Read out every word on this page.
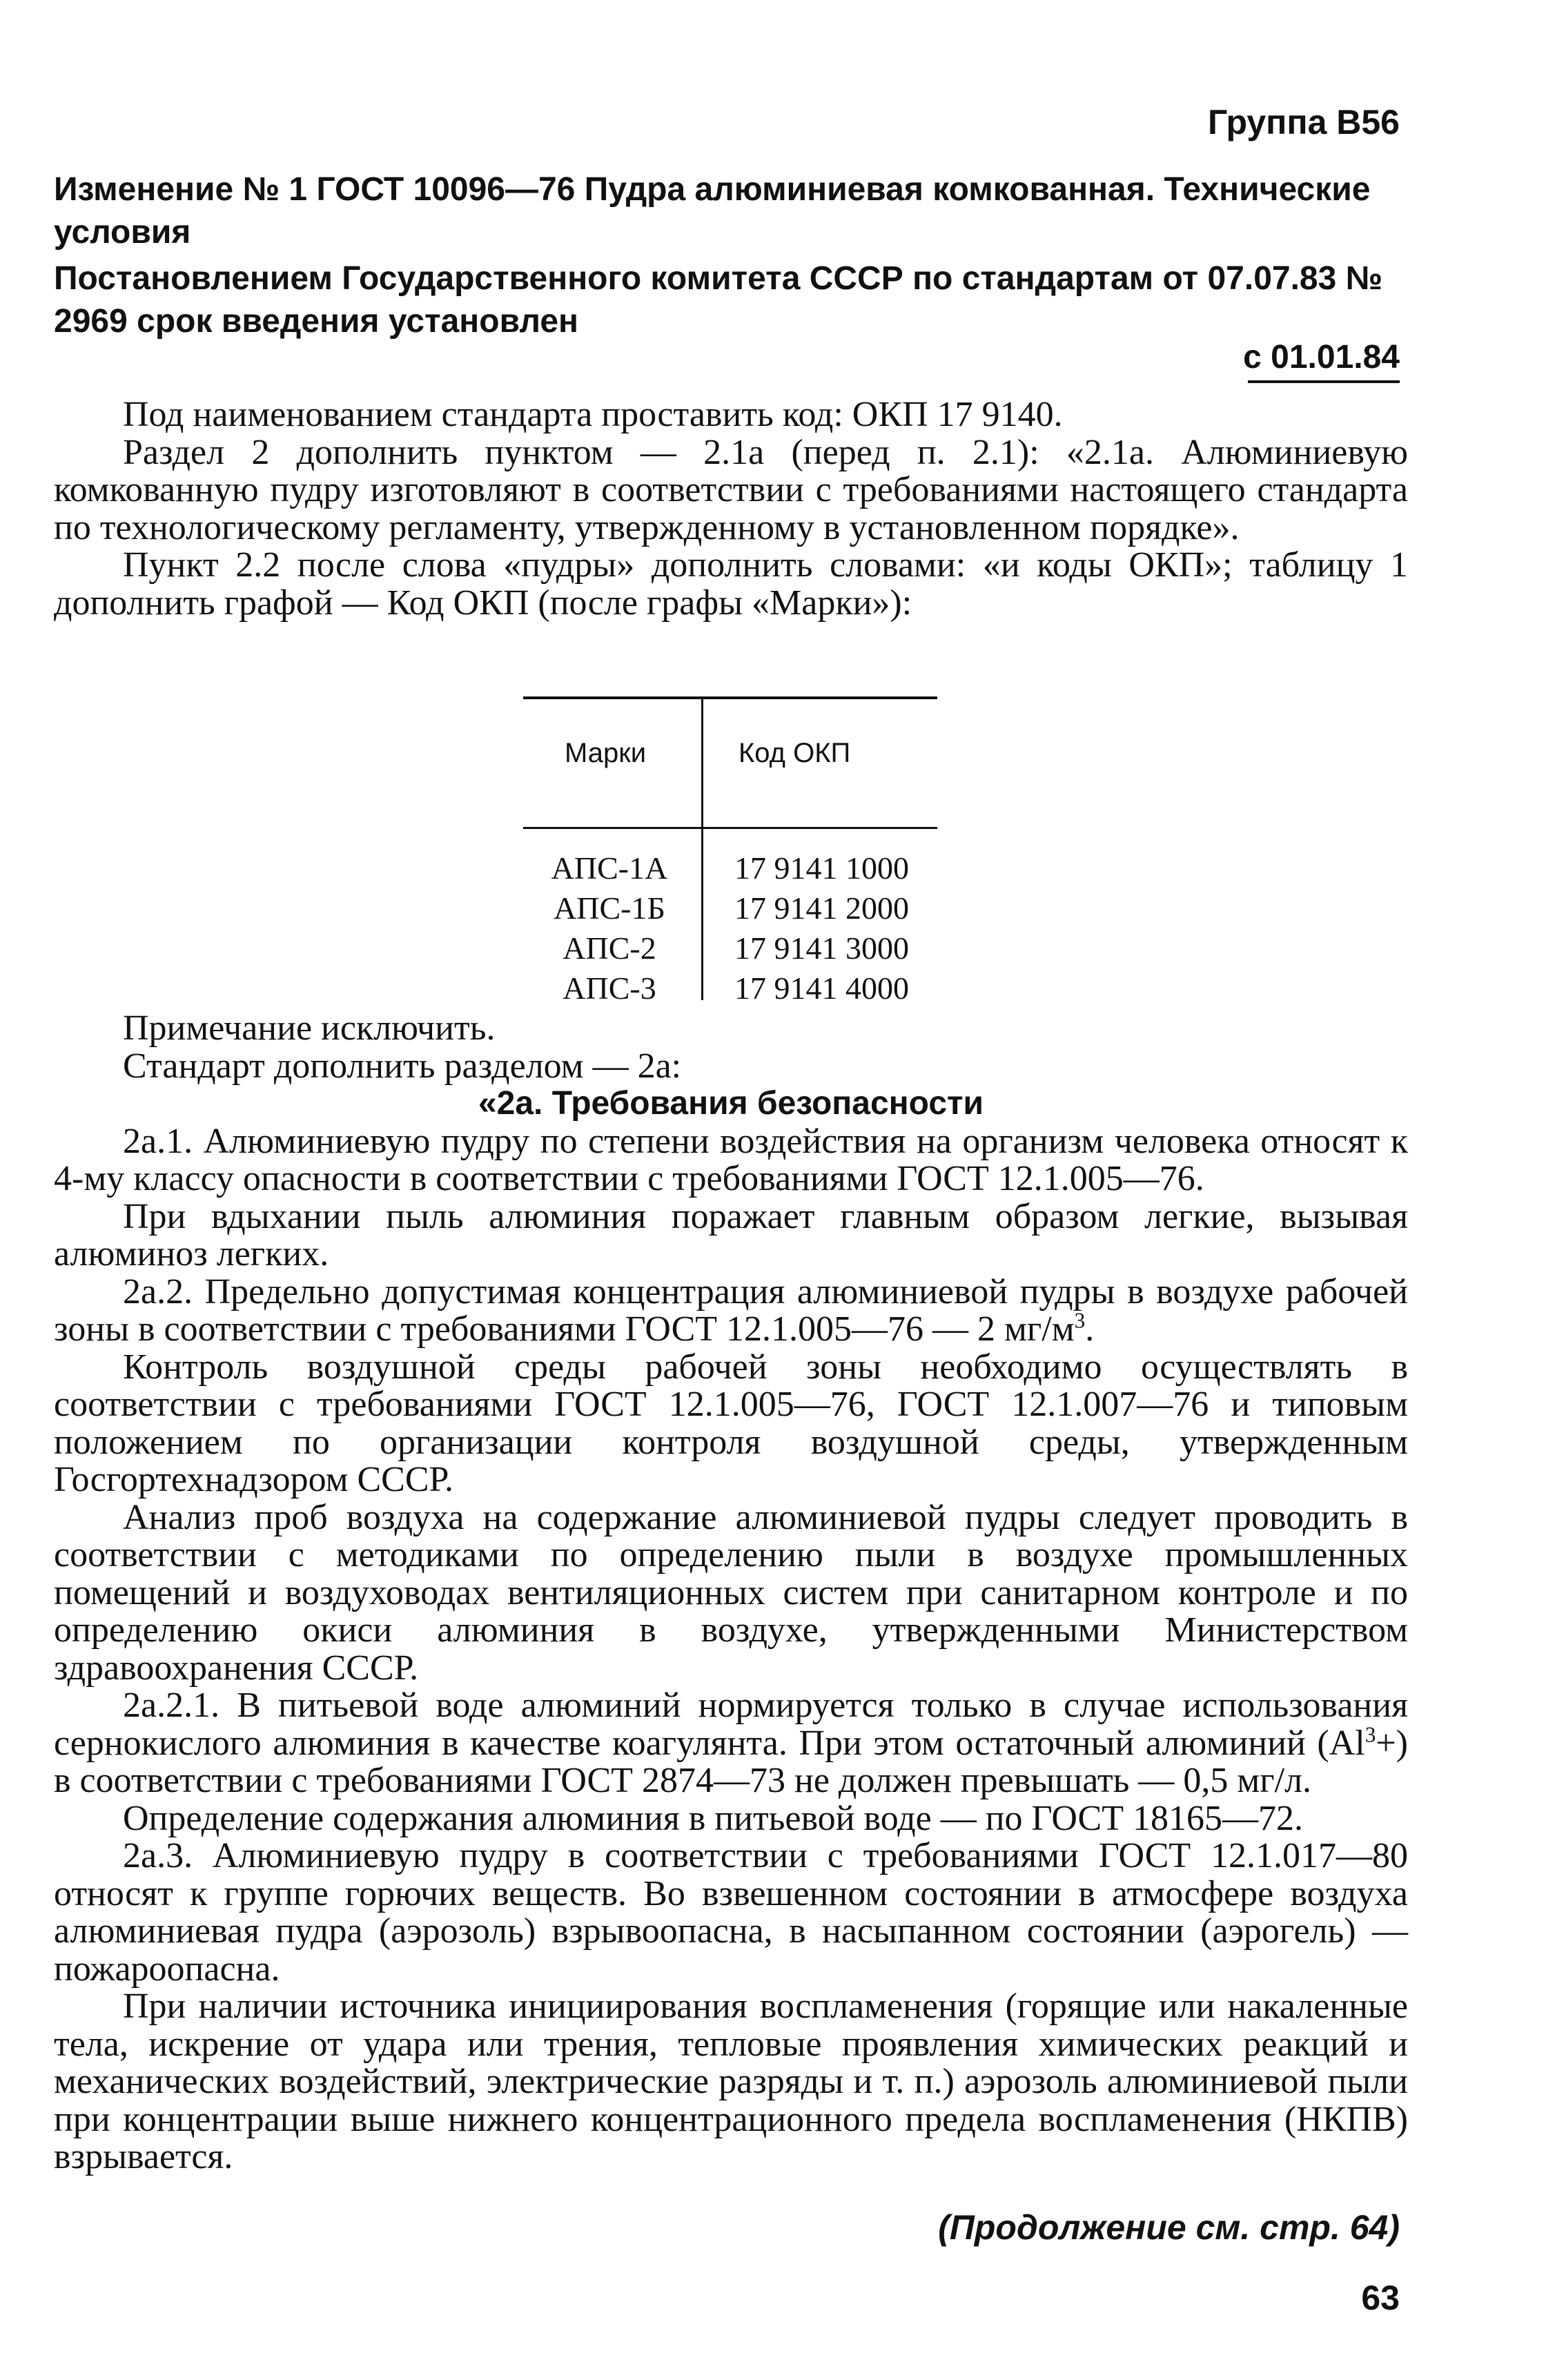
Группа В56
Изменение № 1 ГОСТ 10096—76 Пудра алюминиевая комкованная. Технические условия
Постановлением Государственного комитета СССР по стандартам от 07.07.83 № 2969 срок введения установлен
с 01.01.84

Под наименованием стандарта проставить код: ОКП 17 9140.

Раздел 2 дополнить пунктом — 2.1а (перед п. 2.1): «2.1а. Алюминиевую комкованную пудру изготовляют в соответствии с требованиями настоящего стандарта по технологическому регламенту, утвержденному в установленном порядке».

Пункт 2.2 после слова «пудры» дополнить словами: «и коды ОКП»; таблицу 1 дополнить графой — Код ОКП (после графы «Марки»):

Марки	Код ОКП
АПС-1А
АПС-1Б
АПС-2
АПС-3
17 9141 1000
17 9141 2000
17 9141 3000
17 9141 4000

Примечание исключить.

Стандарт дополнить разделом — 2а:

«2а. Требования безопасности

2а.1. Алюминиевую пудру по степени воздействия на организм человека относят к 4-му классу опасности в соответствии с требованиями ГОСТ 12.1.005—76.

При вдыхании пыль алюминия поражает главным образом легкие, вызывая алюминоз легких.

2а.2. Предельно допустимая концентрация алюминиевой пудры в воздухе рабочей зоны в соответствии с требованиями ГОСТ 12.1.005—76 — 2 $мг/м^3$.

Контроль воздушной среды рабочей зоны необходимо осуществлять в соответствии с требованиями ГОСТ 12.1.005—76, ГОСТ 12.1.007—76 и типовым положением по организации контроля воздушной среды, утвержденным Госгортехнадзором СССР.

Анализ проб воздуха на содержание алюминиевой пудры следует проводить в соответствии с методиками по определению пыли в воздухе промышленных помещений и воздуховодах вентиляционных систем при санитарном контроле и по определению окиси алюминия в воздухе, утвержденными Министерством здравоохранения СССР.

2а.2.1. В питьевой воде алюминий нормируется только в случае использования сернокислого алюминия в качестве коагулянта. При этом остаточный алюминий $(Al^3+)$ в соответствии с требованиями ГОСТ 2874—73 не должен превышать — 0,5 мг/л.

Определение содержания алюминия в питьевой воде — по ГОСТ 18165—72.

2а.3. Алюминиевую пудру в соответствии с требованиями ГОСТ 12.1.017—80 относят к группе горючих веществ. Во взвешенном состоянии в атмосфере воздуха алюминиевая пудра (аэрозоль) взрывоопасна, в насыпанном состоянии (аэрогель) — пожароопасна.

При наличии источника инициирования воспламенения (горящие или накаленные тела, искрение от удара или трения, тепловые проявления химических реакций и механических воздействий, электрические разряды и т. п.) аэрозоль алюминиевой пыли при концентрации выше нижнего концентрационного предела воспламенения (НКПВ) взрывается.

(Продолжение см. стр. 64)
63
